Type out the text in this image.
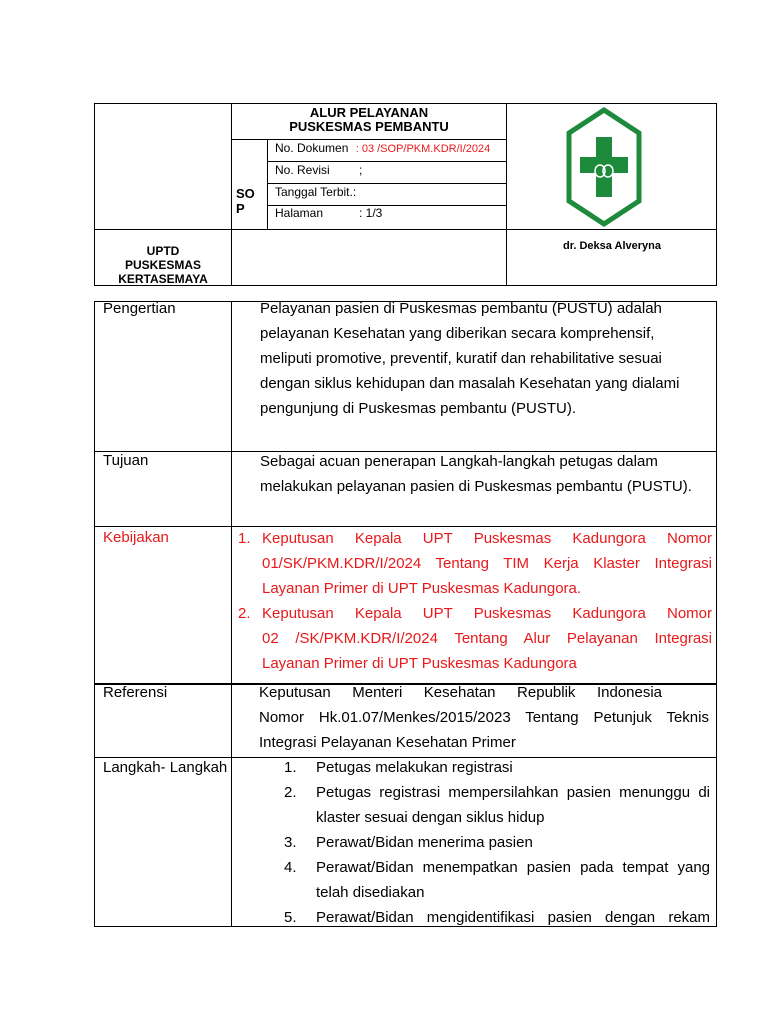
ALUR PELAYANAN
PUSKESMAS PEMBANTU
SO P
No. Dokumen : 03 /SOP/PKM.KDR/I/2024
No. Revisi ;
Tanggal Terbit.:
Halaman	: 1/3
UPTD
PUSKESMAS
KERTASEMAYA
dr. Deksa Alveryna
Pengertian	Pelayanan pasien di Puskesmas pembantu (PUSTU) adalah
pelayanan Kesehatan yang diberikan secara komprehensif,
meliputi promotive, preventif, kuratif dan rehabilitative sesuai
dengan siklus kehidupan dan masalah Kesehatan yang dialami
pengunjung di Puskesmas pembantu (PUSTU).
Tujuan	Sebagai acuan penerapan Langkah-langkah petugas dalam
melakukan pelayanan pasien di Puskesmas pembantu (PUSTU).
Kebijakan	1. Keputusan Kepala UPT Puskesmas Kadungora Nomor
01/SK/PKM.KDR/I/2024 Tentang TIM Kerja Klaster Integrasi
Layanan Primer di UPT Puskesmas Kadungora.
2. Keputusan Kepala UPT Puskesmas Kadungora Nomor
02 /SK/PKM.KDR/I/2024 Tentang Alur Pelayanan Integrasi
Layanan Primer di UPT Puskesmas Kadungora
Referensi	Keputusan Menteri Kesehatan Republik Indonesia
Nomor Hk.01.07/Menkes/2015/2023 Tentang Petunjuk Teknis
Integrasi Pelayanan Kesehatan Primer
Langkah- Langkah	1. Petugas melakukan registrasi
2. Petugas registrasi mempersilahkan pasien menunggu di
klaster sesuai dengan siklus hidup
3. Perawat/Bidan menerima pasien
4. Perawat/Bidan menempatkan pasien pada tempat yang
telah disediakan
5. Perawat/Bidan mengidentifikasi pasien dengan rekam
